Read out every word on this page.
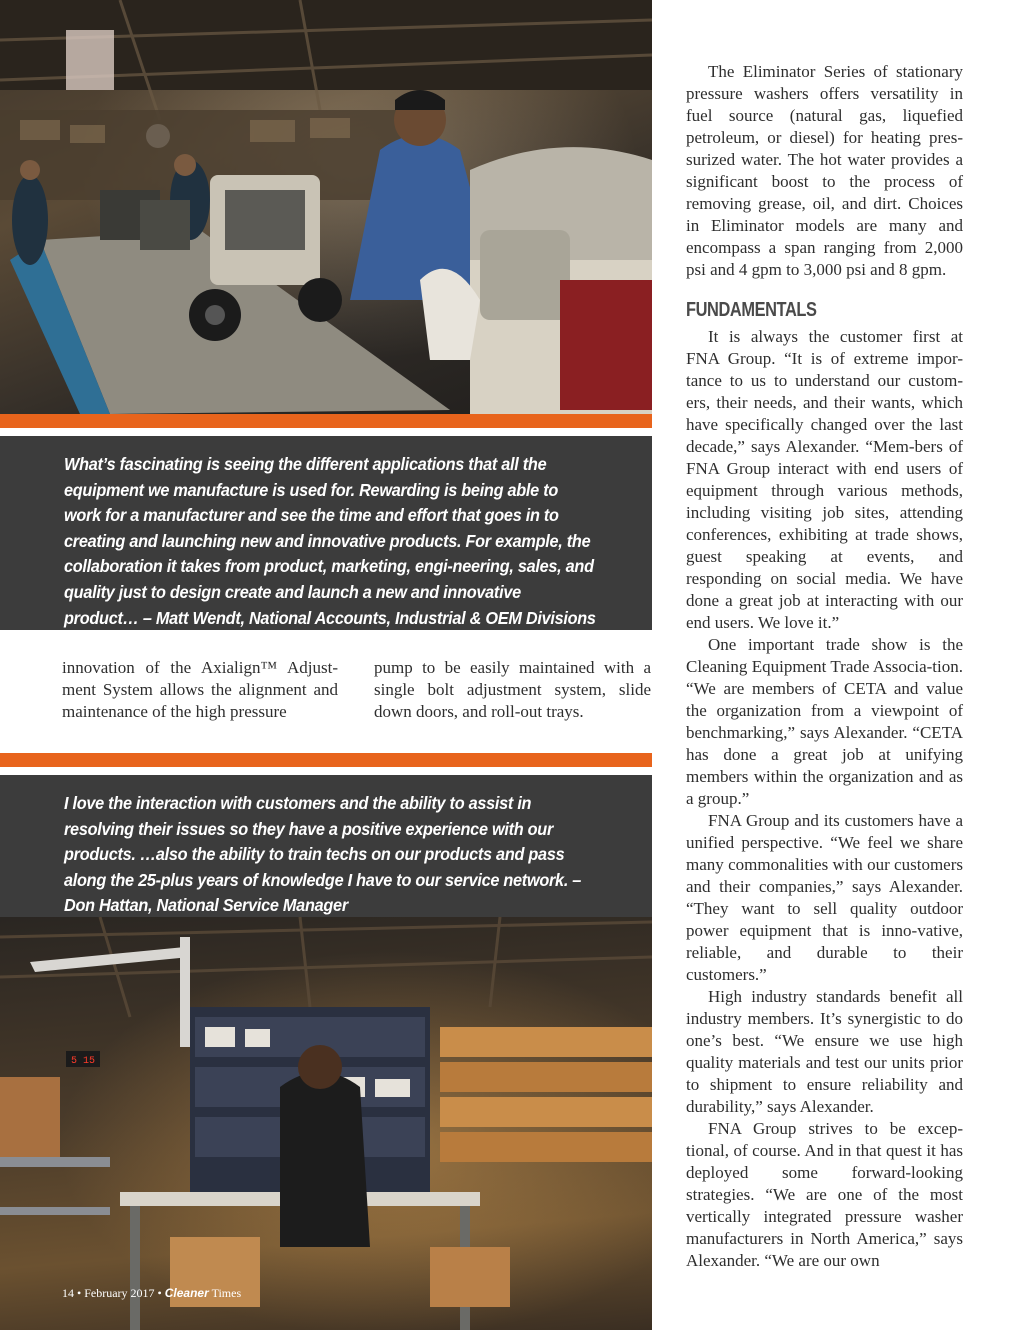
What’s fascinating is seeing the different applications that all the equipment we manufacture is used for. Rewarding is being able to work for a manufacturer and see the time and effort that goes in to creating and launching new and innovative products. For example, the collaboration it takes from product, marketing, engi-neering, sales, and quality just to design create and launch a new and innovative product… – Matt Wendt, National Accounts, Industrial & OEM Divisions

innovation of the Axialign™ Adjust-ment System allows the alignment and maintenance of the high pressure

pump to be easily maintained with a single bolt adjustment system, slide down doors, and roll-out trays.

I love the interaction with customers and the ability to assist in resolving their issues so they have a positive experience with our products. …also the ability to train techs on our products and pass along the 25-plus years of knowledge I have to our service network. – Don Hattan, National Service Manager

5 15
14 • February 2017 • Cleaner Times

The Eliminator Series of stationary pressure washers offers versatility in fuel source (natural gas, liquefied petroleum, or diesel) for heating pres-surized water. The hot water provides a significant boost to the process of removing grease, oil, and dirt. Choices in Eliminator models are many and encompass a span ranging from 2,000 psi and 4 gpm to 3,000 psi and 8 gpm.

FUNDAMENTALS

It is always the customer first at FNA Group. “It is of extreme impor-tance to us to understand our custom-ers, their needs, and their wants, which have specifically changed over the last decade,” says Alexander. “Mem-bers of FNA Group interact with end users of equipment through various methods, including visiting job sites, attending conferences, exhibiting at trade shows, guest speaking at events, and responding on social media. We have done a great job at interacting with our end users. We love it.”

One important trade show is the Cleaning Equipment Trade Associa-tion. “We are members of CETA and value the organization from a viewpoint of benchmarking,” says Alexander. “CETA has done a great job at unifying members within the organization and as a group.”

FNA Group and its customers have a unified perspective. “We feel we share many commonalities with our customers and their companies,” says Alexander. “They want to sell quality outdoor power equipment that is inno-vative, reliable, and durable to their customers.”

High industry standards benefit all industry members. It’s synergistic to do one’s best. “We ensure we use high quality materials and test our units prior to shipment to ensure reliability and durability,” says Alexander.

FNA Group strives to be excep-tional, of course. And in that quest it has deployed some forward-looking strategies. “We are one of the most vertically integrated pressure washer manufacturers in North America,” says Alexander. “We are our own
